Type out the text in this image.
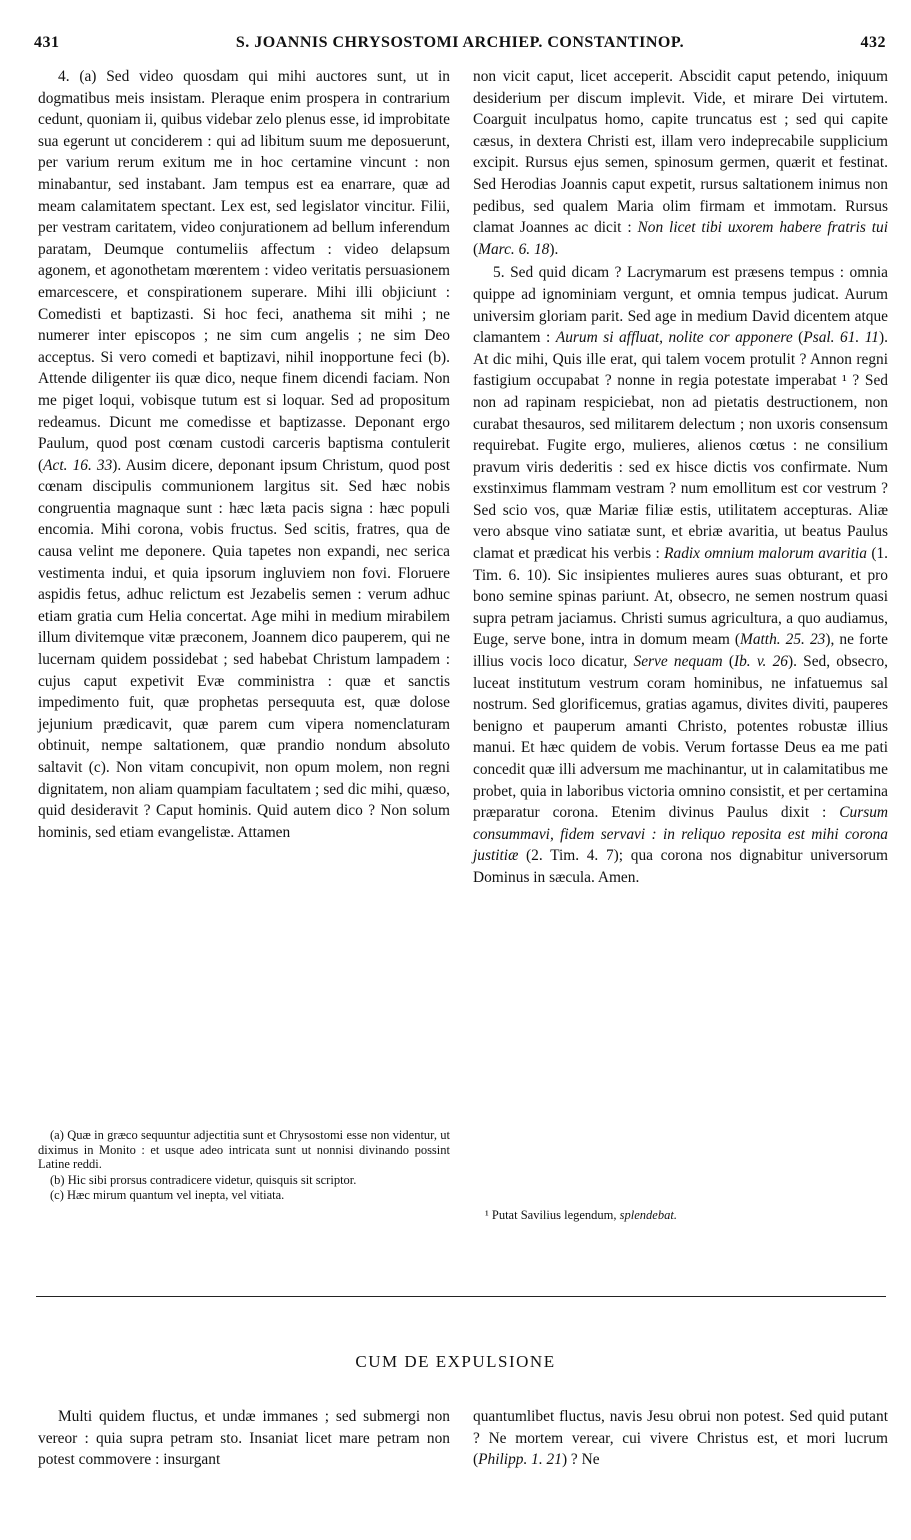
431	S. JOANNIS CHRYSOSTOMI ARCHIEP. CONSTANTINOP.	432

4. (a) Sed video quosdam qui mihi auctores sunt, ut in dogmatibus meis insistam. Pleraque enim prospera in contrarium cedunt, quoniam ii, quibus videbar zelo plenus esse, id improbitate sua egerunt ut conciderem : qui ad libitum suum me deposuerunt, per varium rerum exitum me in hoc certamine vincunt : non minabantur, sed instabant. Jam tempus est ea enarrare, quæ ad meam calamitatem spectant. Lex est, sed legislator vincitur. Filii, per vestram caritatem, video conjurationem ad bellum inferendum paratam, Deumque contumeliis affectum : video delapsum agonem, et agonothetam mœrentem : video veritatis persuasionem emarcescere, et conspirationem superare. Mihi illi objiciunt : Comedisti et baptizasti. Si hoc feci, anathema sit mihi ; ne numerer inter episcopos ; ne sim cum angelis ; ne sim Deo acceptus. Si vero comedi et baptizavi, nihil inopportune feci (b). Attende diligenter iis quæ dico, neque finem dicendi faciam. Non me piget loqui, vobisque tutum est si loquar. Sed ad propositum redeamus. Dicunt me comedisse et baptizasse. Deponant ergo Paulum, quod post cœnam custodi carceris baptisma contulerit (Act. 16. 33). Ausim dicere, deponant ipsum Christum, quod post cœnam discipulis communionem largitus sit. Sed hæc nobis congruentia magnaque sunt : hæc læta pacis signa : hæc populi encomia. Mihi corona, vobis fructus. Sed scitis, fratres, qua de causa velint me deponere. Quia tapetes non expandi, nec serica vestimenta indui, et quia ipsorum ingluviem non fovi. Floruere aspidis fetus, adhuc relictum est Jezabelis semen : verum adhuc etiam gratia cum Helia concertat. Age mihi in medium mirabilem illum divitemque vitæ præconem, Joannem dico pauperem, qui ne lucernam quidem possidebat ; sed habebat Christum lampadem : cujus caput expetivit Evæ comministra : quæ et sanctis impedimento fuit, quæ prophetas persequuta est, quæ dolose jejunium prædicavit, quæ parem cum vipera nomenclaturam obtinuit, nempe saltationem, quæ prandio nondum absoluto saltavit (c). Non vitam concupivit, non opum molem, non regni dignitatem, non aliam quampiam facultatem ; sed dic mihi, quæso, quid desideravit ? Caput hominis. Quid autem dico ? Non solum hominis, sed etiam evangelistæ. Attamen

(a) Quæ in græco sequuntur adjectitia sunt et Chrysostomi esse non videntur, ut diximus in Monito : et usque adeo intricata sunt ut nonnisi divinando possint Latine reddi.

(b) Hic sibi prorsus contradicere videtur, quisquis sit scriptor.

(c) Hæc mirum quantum vel inepta, vel vitiata.

non vicit caput, licet acceperit. Abscidit caput petendo, iniquum desiderium per discum implevit. Vide, et mirare Dei virtutem. Coarguit inculpatus homo, capite truncatus est ; sed qui capite cæsus, in dextera Christi est, illam vero indeprecabile supplicium excipit. Rursus ejus semen, spinosum germen, quærit et festinat. Sed Herodias Joannis caput expetit, rursus saltationem inimus non pedibus, sed qualem Maria olim firmam et immotam. Rursus clamat Joannes ac dicit : Non licet tibi uxorem habere fratris tui (Marc. 6. 18).

5. Sed quid dicam ? Lacrymarum est præsens tempus : omnia quippe ad ignominiam vergunt, et omnia tempus judicat. Aurum universim gloriam parit. Sed age in medium David dicentem atque clamantem : Aurum si affluat, nolite cor apponere (Psal. 61. 11). At dic mihi, Quis ille erat, qui talem vocem protulit ? Annon regni fastigium occupabat ? nonne in regia potestate imperabat ¹ ? Sed non ad rapinam respiciebat, non ad pietatis destructionem, non curabat thesauros, sed militarem delectum ; non uxoris consensum requirebat. Fugite ergo, mulieres, alienos cœtus : ne consilium pravum viris dederitis : sed ex hisce dictis vos confirmate. Num exstinximus flammam vestram ? num emollitum est cor vestrum ? Sed scio vos, quæ Mariæ filiæ estis, utilitatem accepturas. Aliæ vero absque vino satiatæ sunt, et ebriæ avaritia, ut beatus Paulus clamat et prædicat his verbis : Radix omnium malorum avaritia (1. Tim. 6. 10). Sic insipientes mulieres aures suas obturant, et pro bono semine spinas pariunt. At, obsecro, ne semen nostrum quasi supra petram jaciamus. Christi sumus agricultura, a quo audiamus, Euge, serve bone, intra in domum meam (Matth. 25. 23), ne forte illius vocis loco dicatur, Serve nequam (Ib. v. 26). Sed, obsecro, luceat institutum vestrum coram hominibus, ne infatuemus sal nostrum. Sed glorificemus, gratias agamus, divites diviti, pauperes benigno et pauperum amanti Christo, potentes robustæ illius manui. Et hæc quidem de vobis. Verum fortasse Deus ea me pati concedit quæ illi adversum me machinantur, ut in calamitatibus me probet, quia in laboribus victoria omnino consistit, et per certamina præparatur corona. Etenim divinus Paulus dixit : Cursum consummavi, fidem servavi : in reliquo reposita est mihi corona justitiæ (2. Tim. 4. 7); qua corona nos dignabitur universorum Dominus in sæcula. Amen.

¹ Putat Savilius legendum, splendebat.

CUM DE EXPULSIONE

Multi quidem fluctus, et undæ immanes ; sed submergi non vereor : quia supra petram sto. Insaniat licet mare petram non potest commovere : insurgant

quantumlibet fluctus, navis Jesu obrui non potest. Sed quid putant ? Ne mortem verear, cui vivere Christus est, et mori lucrum (Philipp. 1. 21) ? Ne
